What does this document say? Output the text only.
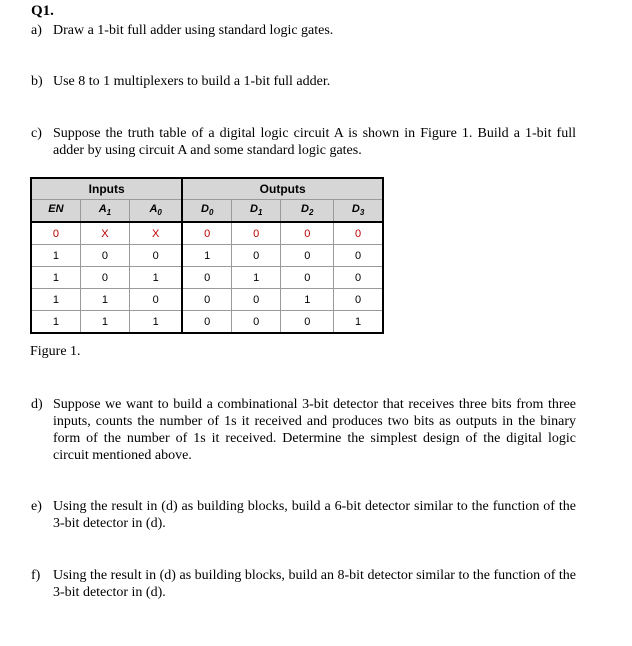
Q1.
a) Draw a 1-bit full adder using standard logic gates.
b) Use 8 to 1 multiplexers to build a 1-bit full adder.
c) Suppose the truth table of a digital logic circuit A is shown in Figure 1. Build a 1-bit full adder by using circuit A and some standard logic gates.
Inputs			Outputs			
EN	$A_1$	$A_0$	$D_0$	$D_1$	$D_2$	$D_3$
0	X	X	0	0	0	0
1	0	0	1	0	0	0
1	0	1	0	1	0	0
1	1	0	0	0	1	0
1	1	1	0	0	0	1
Figure 1.
d) Suppose we want to build a combinational 3-bit detector that receives three bits from three inputs, counts the number of 1s it received and produces two bits as outputs in the binary form of the number of 1s it received. Determine the simplest design of the digital logic circuit mentioned above.
e) Using the result in (d) as building blocks, build a 6-bit detector similar to the function of the 3-bit detector in (d).
f) Using the result in (d) as building blocks, build an 8-bit detector similar to the function of the 3-bit detector in (d).
